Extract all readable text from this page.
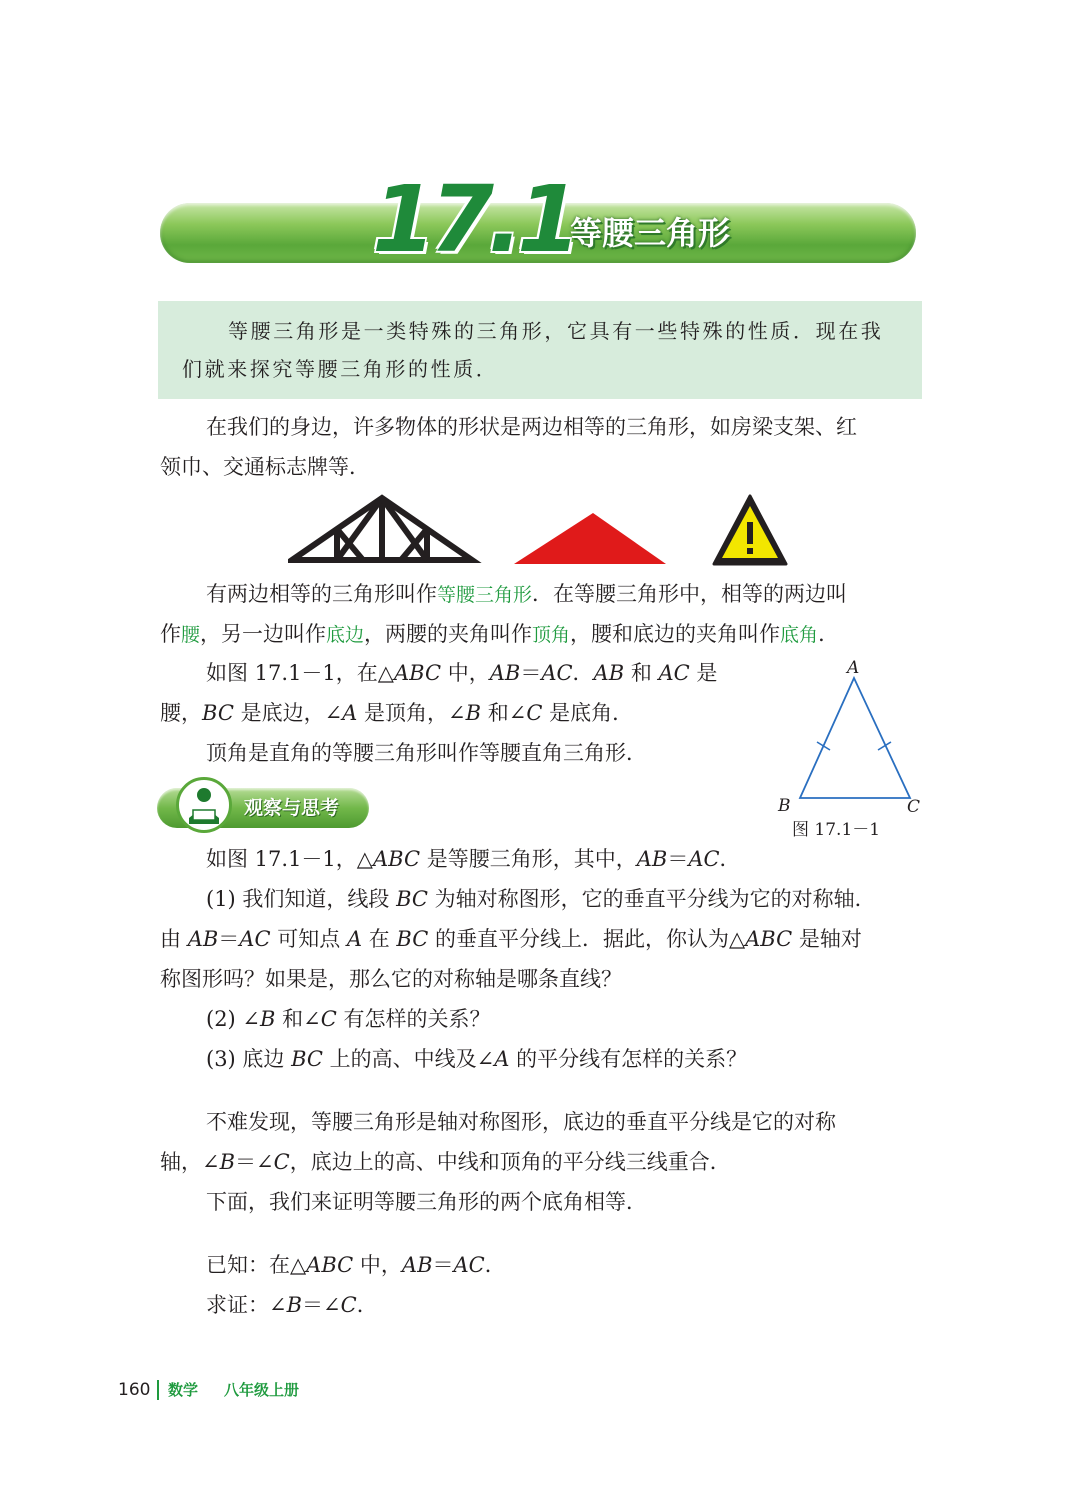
17.1
等腰三角形
等腰三角形是一类特殊的三角形，它具有一些特殊的性质．现在我
们就来探究等腰三角形的性质．
在我们的身边，许多物体的形状是两边相等的三角形，如房梁支架、红
领巾、交通标志牌等．
有两边相等的三角形叫作等腰三角形．在等腰三角形中，相等的两边叫
作腰，另一边叫作底边，两腰的夹角叫作顶角，腰和底边的夹角叫作底角．
如图 17.1－1，在△ABC 中，AB＝AC．AB 和 AC 是
腰，BC 是底边，∠A 是顶角，∠B 和∠C 是底角．
顶角是直角的等腰三角形叫作等腰直角三角形．
A
B	C
图 17.1－1
观察与思考
如图 17.1－1，△ABC 是等腰三角形，其中，AB＝AC．
(1) 我们知道，线段 BC 为轴对称图形，它的垂直平分线为它的对称轴．
由 AB＝AC 可知点 A 在 BC 的垂直平分线上．据此，你认为△ABC 是轴对
称图形吗？如果是，那么它的对称轴是哪条直线？
(2) ∠B 和∠C 有怎样的关系？
(3) 底边 BC 上的高、中线及∠A 的平分线有怎样的关系？
不难发现，等腰三角形是轴对称图形，底边的垂直平分线是它的对称
轴，∠B＝∠C，底边上的高、中线和顶角的平分线三线重合．
下面，我们来证明等腰三角形的两个底角相等．
已知：在△ABC 中，AB＝AC．
求证：∠B＝∠C．
160 数学 八年级上册
